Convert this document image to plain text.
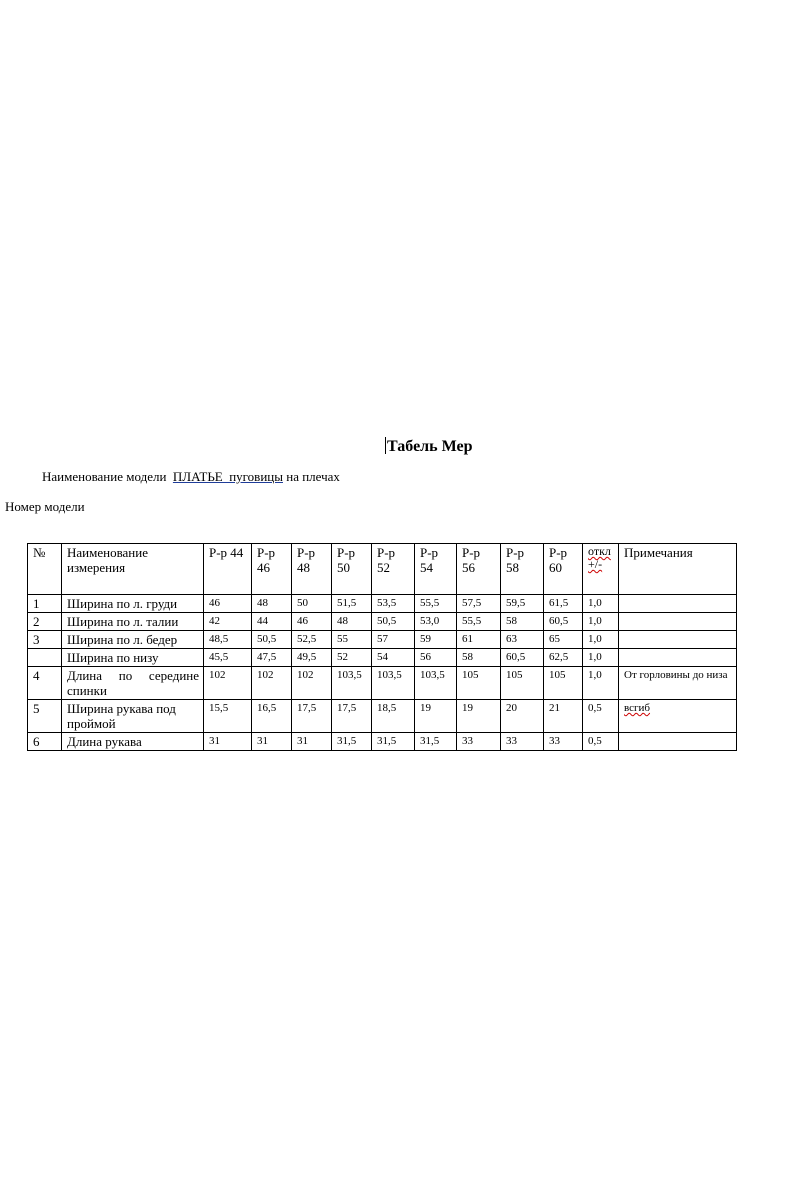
Табель Мер
Наименование модели ПЛАТЬЕ  пуговицы на плечах
Номер модели
№	Наименование измерения	Р-р 44	Р-р 46	Р-р 48	Р-р 50	Р-р 52	Р-р 54	Р-р 56	Р-р 58	Р-р 60	откл +/-	Примечания
1	Ширина по л. груди	46	48	50	51,5	53,5	55,5	57,5	59,5	61,5	1,0	
2	Ширина по л. талии	42	44	46	48	50,5	53,0	55,5	58	60,5	1,0	
3	Ширина по л. бедер	48,5	50,5	52,5	55	57	59	61	63	65	1,0	
	Ширина по низу	45,5	47,5	49,5	52	54	56	58	60,5	62,5	1,0	
4	Длина по середине спинки	102	102	102	103,5	103,5	103,5	105	105	105	1,0	От горловины до низа
5	Ширина рукава под проймой	15,5	16,5	17,5	17,5	18,5	19	19	20	21	0,5	всгиб
6	Длина рукава	31	31	31	31,5	31,5	31,5	33	33	33	0,5	
